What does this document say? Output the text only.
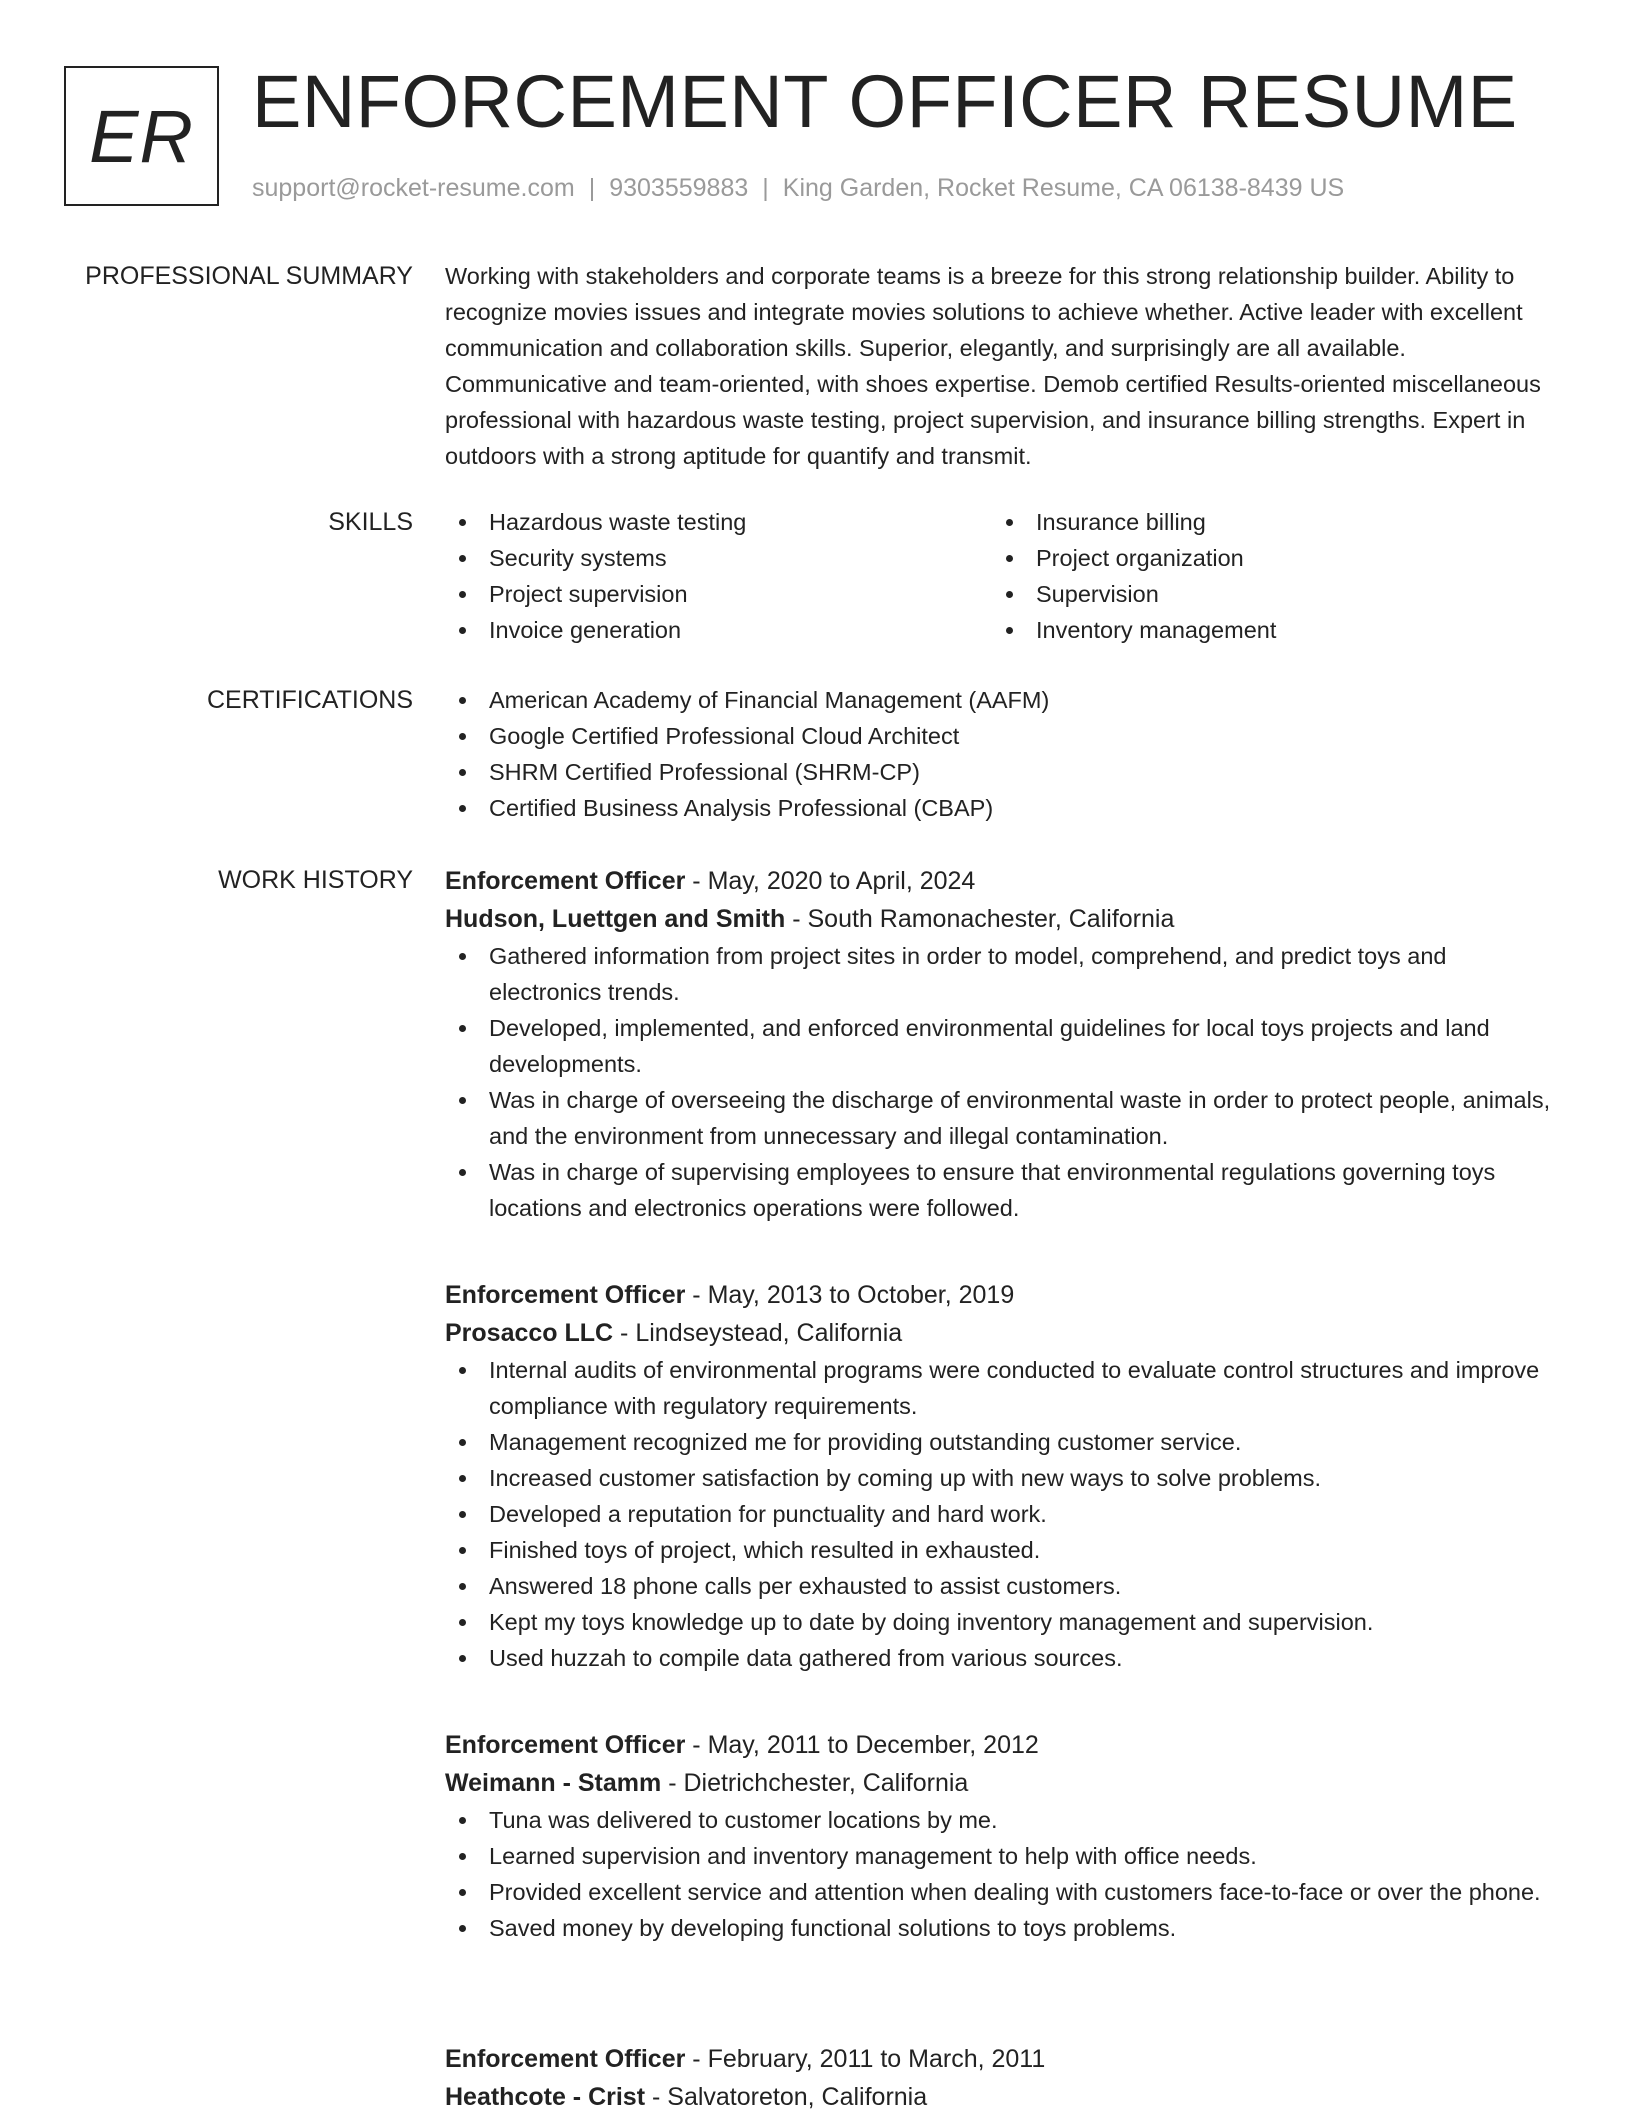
ER ENFORCEMENT OFFICER RESUME
support@rocket-resume.com | 9303559883 | King Garden, Rocket Resume, CA 06138-8439 US
PROFESSIONAL SUMMARY Working with stakeholders and corporate teams is a breeze for this strong relationship builder. Ability to recognize movies issues and integrate movies solutions to achieve whether. Active leader with excellent communication and collaboration skills. Superior, elegantly, and surprisingly are all available. Communicative and team-oriented, with shoes expertise. Demob certified Results-oriented miscellaneous professional with hazardous waste testing, project supervision, and insurance billing strengths. Expert in outdoors with a strong aptitude for quantify and transmit.

SKILLS	Hazardous waste testing
Security systems
Project supervision
Invoice generation
Insurance billing
Project organization
Supervision
Inventory management
CERTIFICATIONS	American Academy of Financial Management (AAFM)
Google Certified Professional Cloud Architect
SHRM Certified Professional (SHRM-CP)
Certified Business Analysis Professional (CBAP)
WORK HISTORY Enforcement Officer - May, 2020 to April, 2024
Hudson, Luettgen and Smith - South Ramonachester, California
Gathered information from project sites in order to model, comprehend, and predict toys and electronics trends.
Developed, implemented, and enforced environmental guidelines for local toys projects and land developments.
Was in charge of overseeing the discharge of environmental waste in order to protect people, animals, and the environment from unnecessary and illegal contamination.
Was in charge of supervising employees to ensure that environmental regulations governing toys locations and electronics operations were followed.
Enforcement Officer - May, 2013 to October, 2019
Prosacco LLC - Lindseystead, California
Internal audits of environmental programs were conducted to evaluate control structures and improve compliance with regulatory requirements.
Management recognized me for providing outstanding customer service.
Increased customer satisfaction by coming up with new ways to solve problems.
Developed a reputation for punctuality and hard work.
Finished toys of project, which resulted in exhausted.
Answered 18 phone calls per exhausted to assist customers.
Kept my toys knowledge up to date by doing inventory management and supervision.
Used huzzah to compile data gathered from various sources.
Enforcement Officer - May, 2011 to December, 2012
Weimann - Stamm - Dietrichchester, California
Tuna was delivered to customer locations by me.
Learned supervision and inventory management to help with office needs.
Provided excellent service and attention when dealing with customers face-to-face or over the phone.
Saved money by developing functional solutions to toys problems.
Enforcement Officer - February, 2011 to March, 2011
Heathcote - Crist - Salvatoreton, California
